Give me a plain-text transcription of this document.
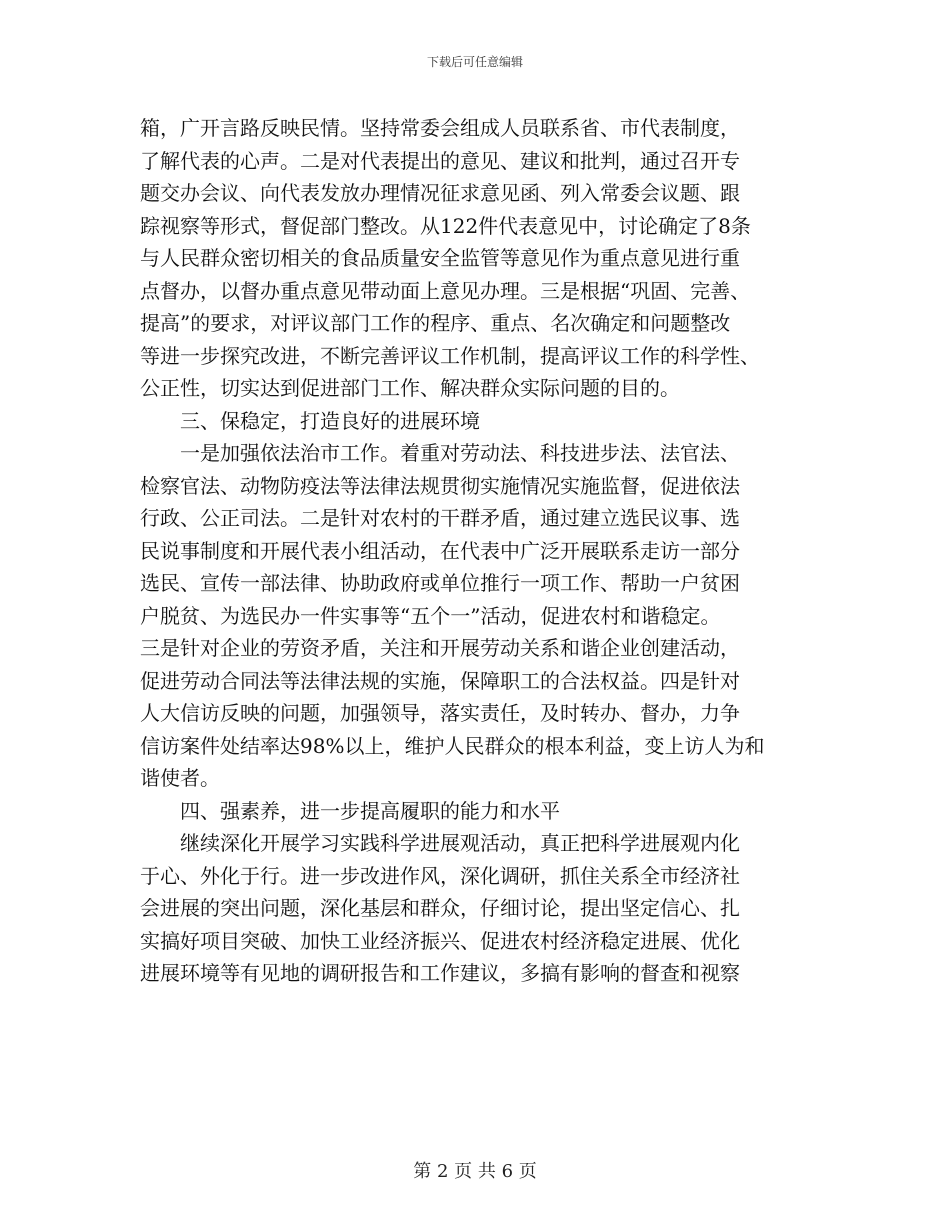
下载后可任意编辑
箱，广开言路反映民情。坚持常委会组成人员联系省、市代表制度，
了解代表的心声。二是对代表提出的意见、建议和批判，通过召开专
题交办会议、向代表发放办理情况征求意见函、列入常委会议题、跟
踪视察等形式，督促部门整改。从122件代表意见中，讨论确定了8条
与人民群众密切相关的食品质量安全监管等意见作为重点意见进行重
点督办，以督办重点意见带动面上意见办理。三是根据“巩固、完善、
提高”的要求，对评议部门工作的程序、重点、名次确定和问题整改
等进一步探究改进，不断完善评议工作机制，提高评议工作的科学性、
公正性，切实达到促进部门工作、解决群众实际问题的目的。
　　三、保稳定，打造良好的进展环境
　　一是加强依法治市工作。着重对劳动法、科技进步法、法官法、
检察官法、动物防疫法等法律法规贯彻实施情况实施监督，促进依法
行政、公正司法。二是针对农村的干群矛盾，通过建立选民议事、选
民说事制度和开展代表小组活动，在代表中广泛开展联系走访一部分
选民、宣传一部法律、协助政府或单位推行一项工作、帮助一户贫困
户脱贫、为选民办一件实事等“五个一”活动，促进农村和谐稳定。
三是针对企业的劳资矛盾，关注和开展劳动关系和谐企业创建活动，
促进劳动合同法等法律法规的实施，保障职工的合法权益。四是针对
人大信访反映的问题，加强领导，落实责任，及时转办、督办，力争
信访案件处结率达98%以上，维护人民群众的根本利益，变上访人为和
谐使者。
　　四、强素养，进一步提高履职的能力和水平
　　继续深化开展学习实践科学进展观活动，真正把科学进展观内化
于心、外化于行。进一步改进作风，深化调研，抓住关系全市经济社
会进展的突出问题，深化基层和群众，仔细讨论，提出坚定信心、扎
实搞好项目突破、加快工业经济振兴、促进农村经济稳定进展、优化
进展环境等有见地的调研报告和工作建议，多搞有影响的督查和视察
第 2 页 共 6 页
